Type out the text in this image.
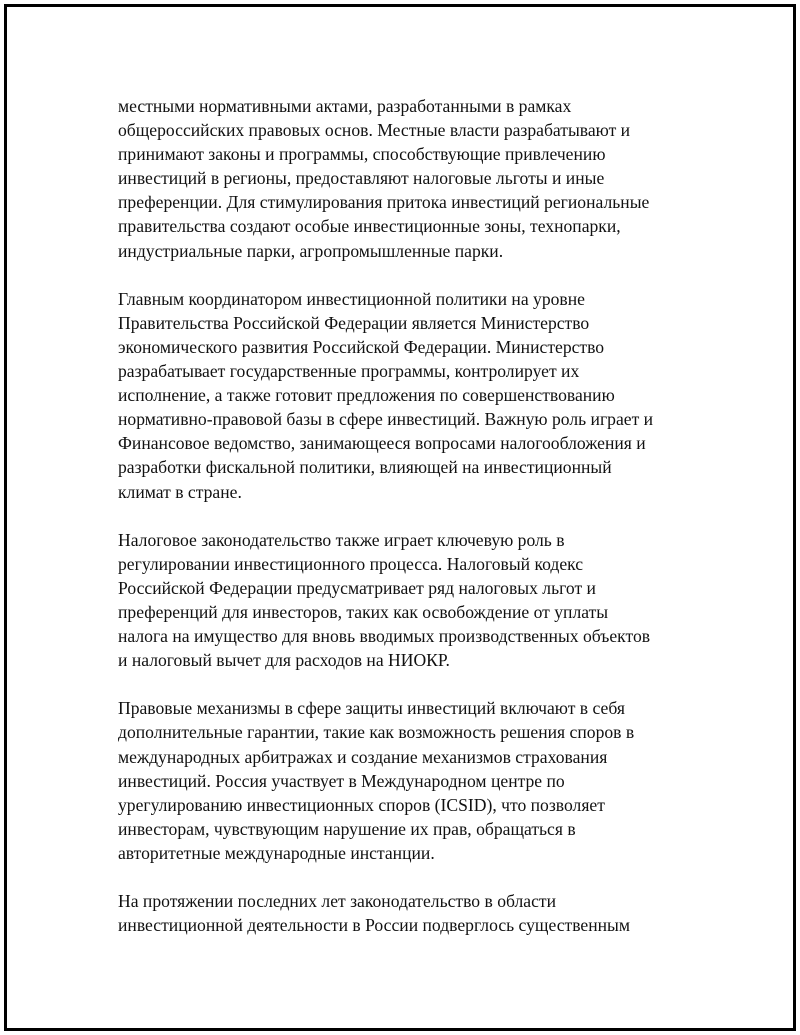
местными нормативными актами, разработанными в рамках
общероссийских правовых основ. Местные власти разрабатывают и
принимают законы и программы, способствующие привлечению
инвестиций в регионы, предоставляют налоговые льготы и иные
преференции. Для стимулирования притока инвестиций региональные
правительства создают особые инвестиционные зоны, технопарки,
индустриальные парки, агропромышленные парки.

Главным координатором инвестиционной политики на уровне
Правительства Российской Федерации является Министерство
экономического развития Российской Федерации. Министерство
разрабатывает государственные программы, контролирует их
исполнение, а также готовит предложения по совершенствованию
нормативно-правовой базы в сфере инвестиций. Важную роль играет и
Финансовое ведомство, занимающееся вопросами налогообложения и
разработки фискальной политики, влияющей на инвестиционный
климат в стране.

Налоговое законодательство также играет ключевую роль в
регулировании инвестиционного процесса. Налоговый кодекс
Российской Федерации предусматривает ряд налоговых льгот и
преференций для инвесторов, таких как освобождение от уплаты
налога на имущество для вновь вводимых производственных объектов
и налоговый вычет для расходов на НИОКР.

Правовые механизмы в сфере защиты инвестиций включают в себя
дополнительные гарантии, такие как возможность решения споров в
международных арбитражах и создание механизмов страхования
инвестиций. Россия участвует в Международном центре по
урегулированию инвестиционных споров (ICSID), что позволяет
инвесторам, чувствующим нарушение их прав, обращаться в
авторитетные международные инстанции.

На протяжении последних лет законодательство в области
инвестиционной деятельности в России подверглось существенным
